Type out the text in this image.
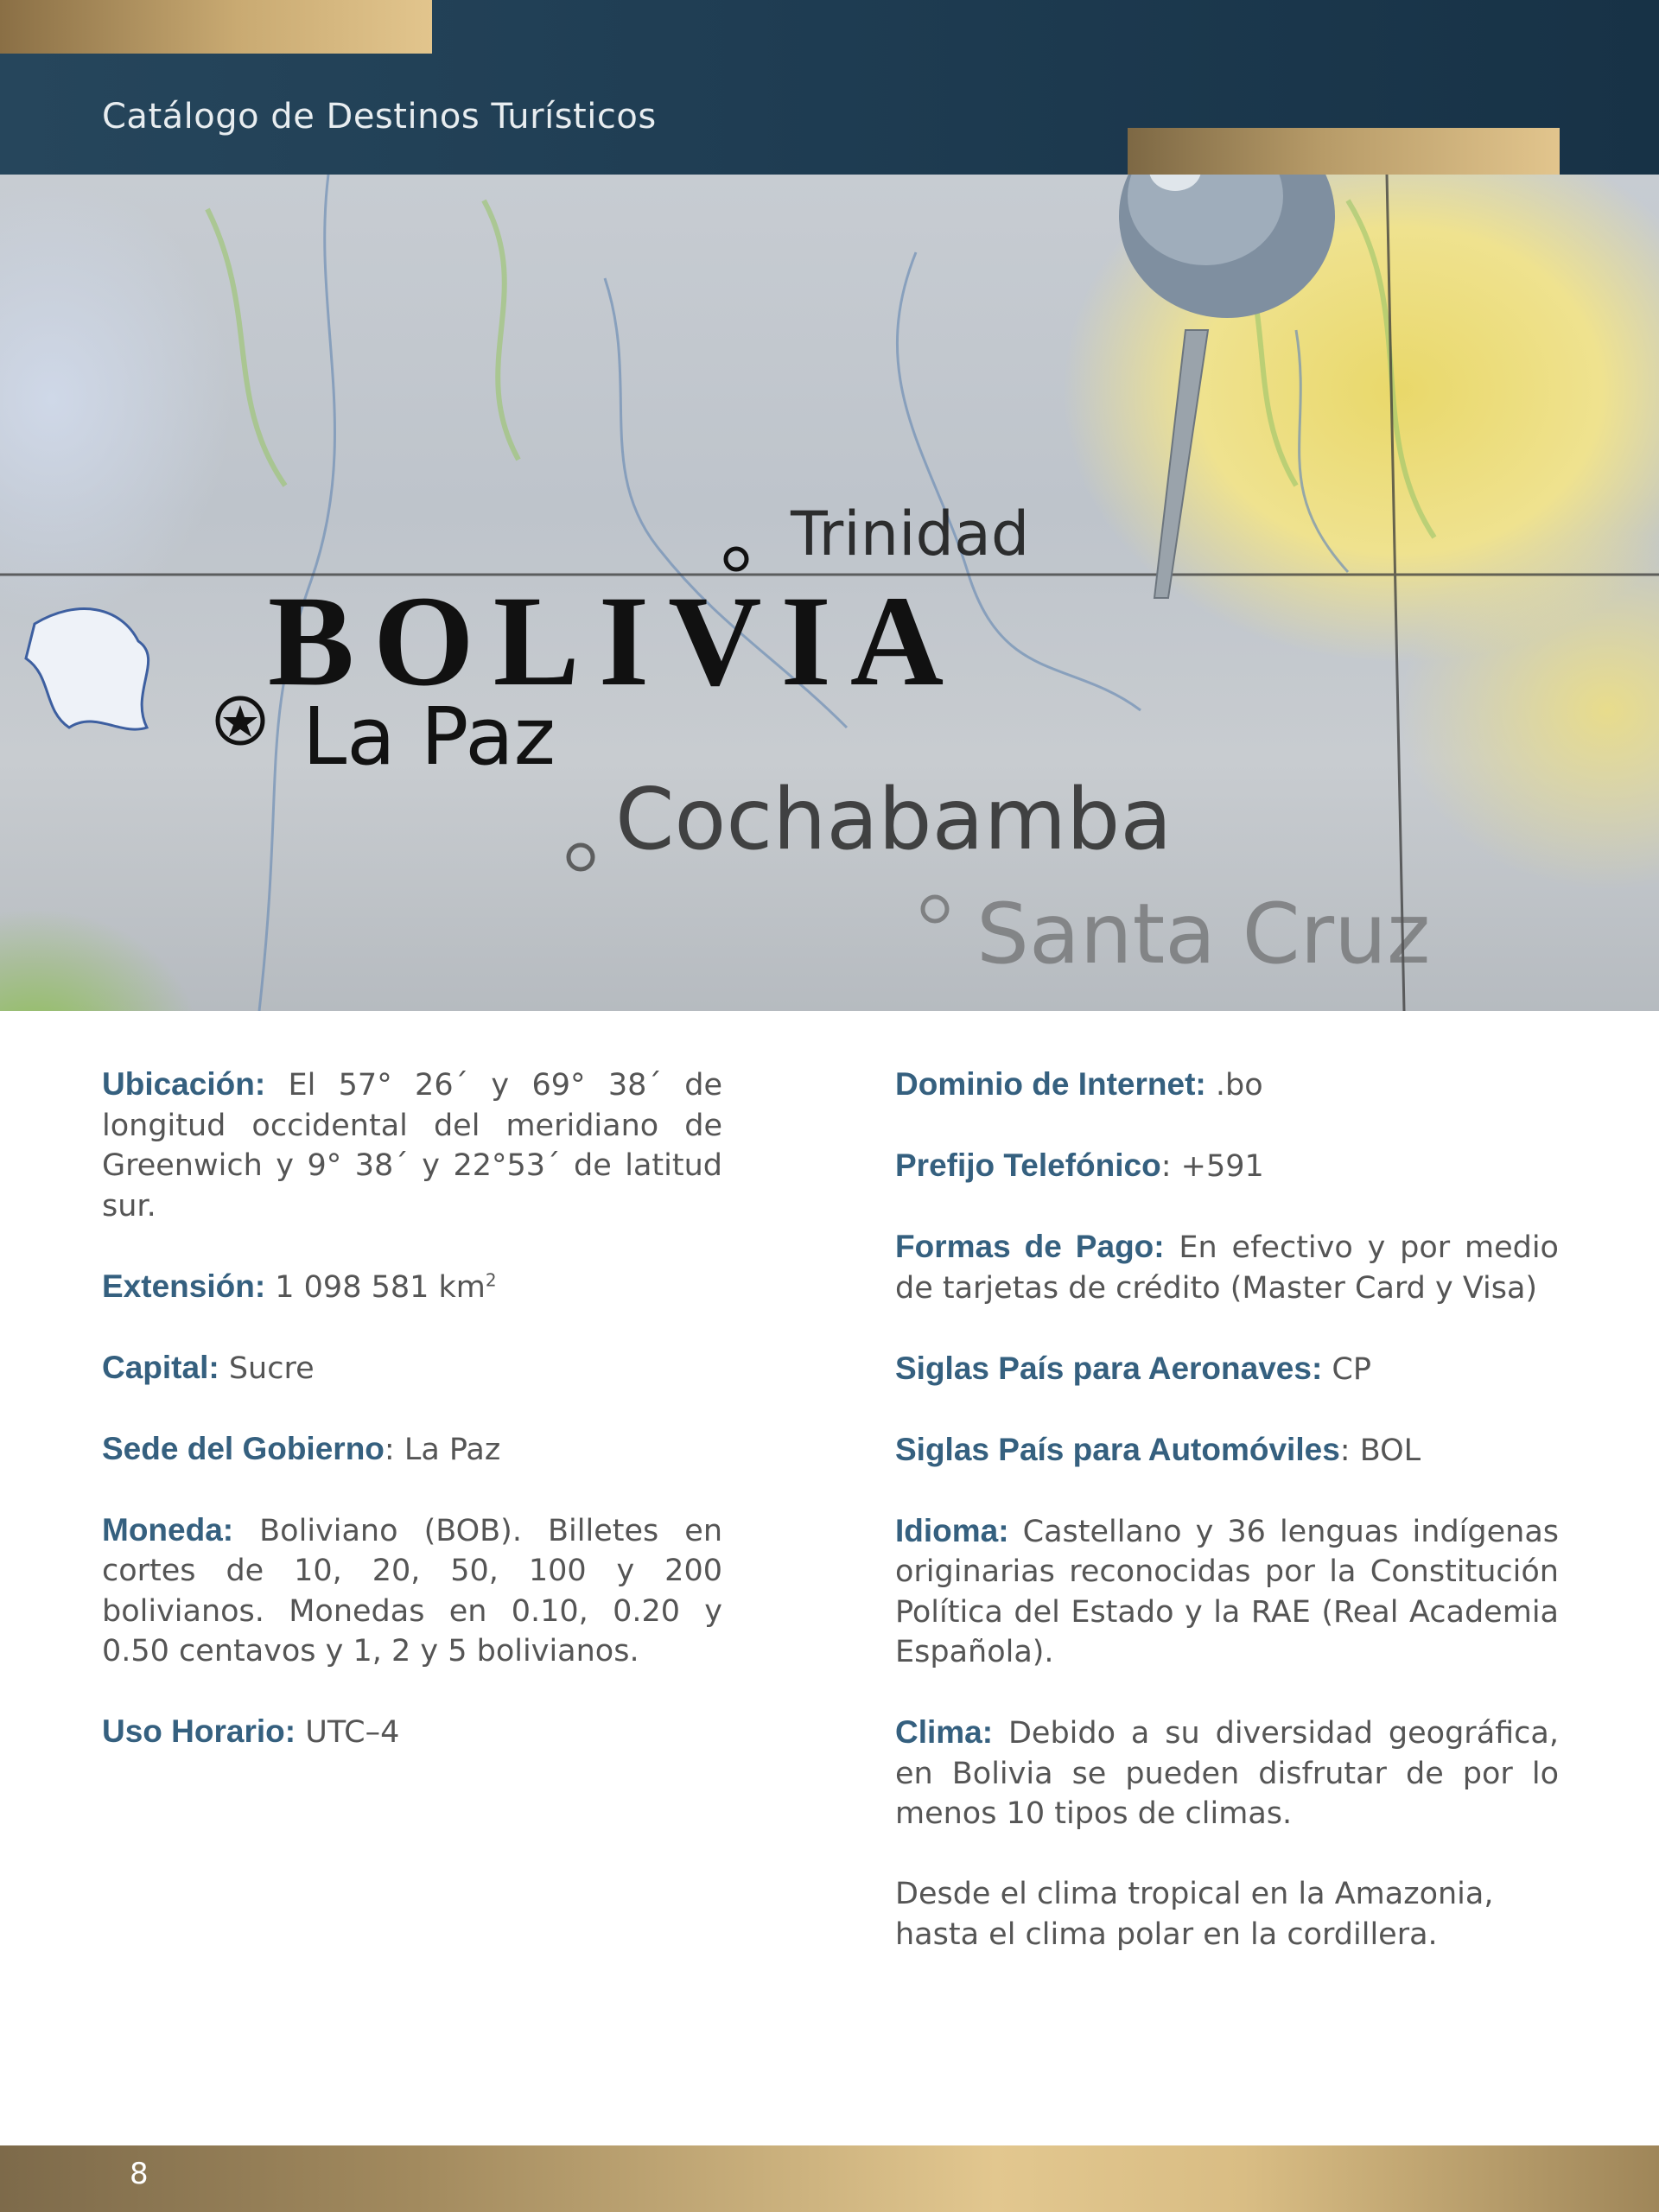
Catálogo de Destinos Turísticos
Trinidad
BOLIVIA
La Paz
Cochabamba
Santa Cruz

Ubicación: El 57° 26´ y 69° 38´ de longitud occidental del meridiano de Greenwich y 9° 38´ y 22°53´ de latitud sur.

Extensión: 1 098 581 $km^2$

Capital: Sucre

Sede del Gobierno: La Paz

Moneda: Boliviano (BOB). Billetes en cortes de 10, 20, 50, 100 y 200 bolivianos. Monedas en 0.10, 0.20 y 0.50 centavos y 1, 2 y 5 bolivianos.

Uso Horario: UTC–4

Dominio de Internet: .bo

Prefijo Telefónico: +591

Formas de Pago: En efectivo y por medio de tarjetas de crédito (Master Card y Visa)

Siglas País para Aeronaves: CP

Siglas País para Automóviles: BOL

Idioma: Castellano y 36 lenguas indígenas originarias reconocidas por la Constitución Política del Estado y la RAE (Real Academia Española).

Clima: Debido a su diversidad geográfica, en Bolivia se pueden disfrutar de por lo menos 10 tipos de climas.

Desde el clima tropical en la Amazonia, hasta el clima polar en la cordillera.

8
